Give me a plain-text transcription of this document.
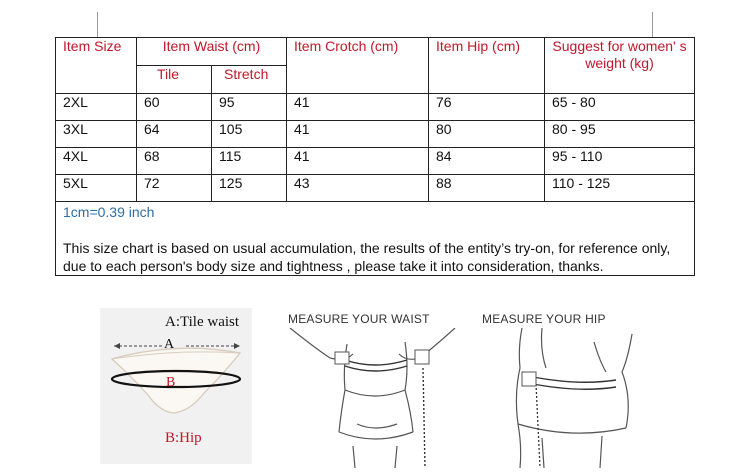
Item Size	Item Waist (cm)		Item Crotch (cm)	Item Hip (cm)	Suggest for women' s weight (kg)
	Tile	Stretch			
2XL	60	95	41	76	65 - 80
3XL	64	105	41	80	80 - 95
4XL	68	115	41	84	95 - 110
5XL	72	125	43	88	110 - 125

1cm=0.39 inch
This size chart is based on usual accumulation, the results of the entity’s try-on, for reference only, due to each person's body size and tightness , please take it into consideration, thanks.					
A:Tile waist
A
B
B:Hip
MEASURE YOUR WAIST	MEASURE YOUR HIP
